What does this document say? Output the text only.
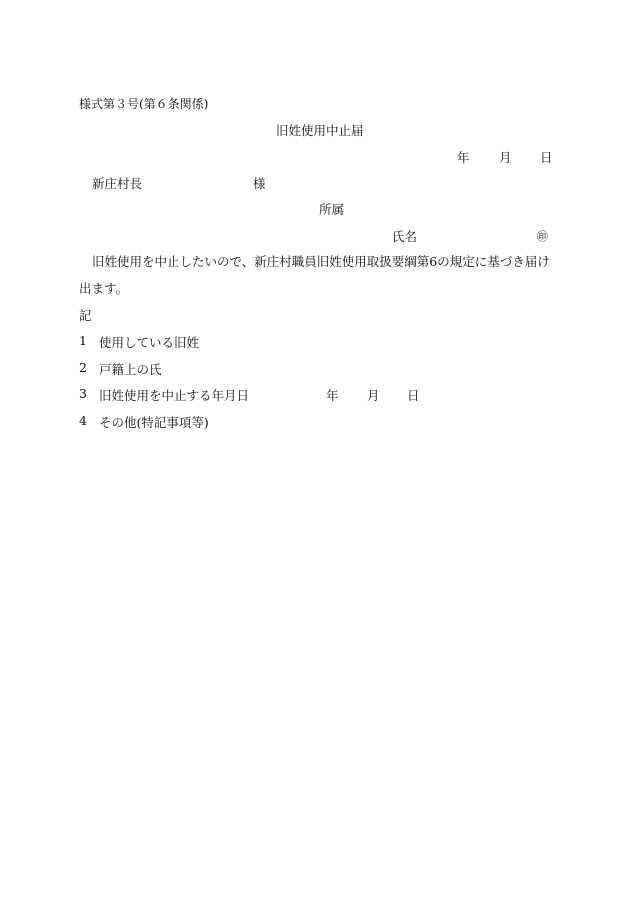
様式第３号(第６条関係)
旧姓使用中止届
年 月 日
新庄村長	様
所属
氏名	㊞
旧姓使用を中止したいので、新庄村職員旧姓使用取扱要綱第6の規定に基づき届け出ます。
記
1 使用している旧姓
2 戸籍上の氏
3 旧姓使用を中止する年月日	年 月 日
4 その他(特記事項等)
